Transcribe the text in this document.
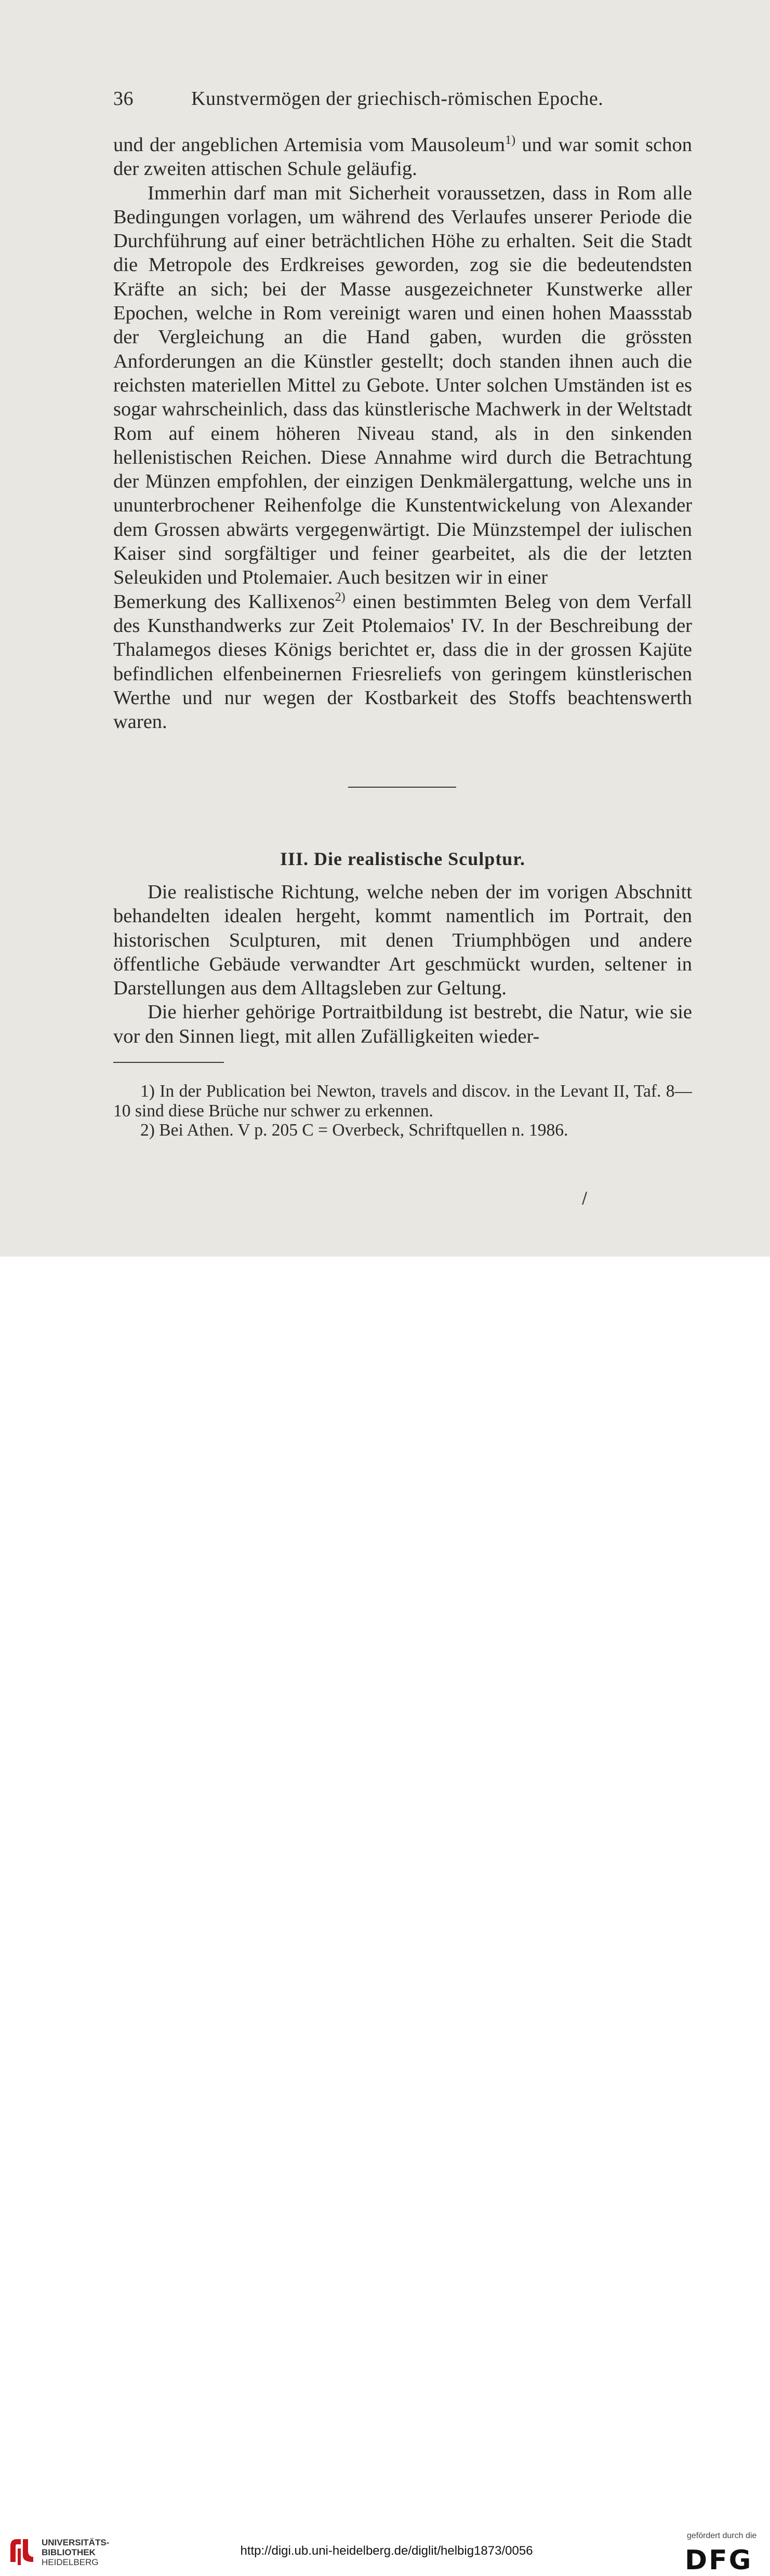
36	Kunstvermögen der griechisch-römischen Epoche.

und der angeblichen Artemisia vom Mausoleum$^{1)}$ und war somit schon der zweiten attischen Schule geläufig.

Immerhin darf man mit Sicherheit voraussetzen, dass in Rom alle Bedingungen vorlagen, um während des Verlaufes unserer Periode die Durchführung auf einer beträchtlichen Höhe zu erhalten. Seit die Stadt die Metropole des Erdkreises geworden, zog sie die bedeutendsten Kräfte an sich; bei der Masse ausgezeichneter Kunstwerke aller Epochen, welche in Rom vereinigt waren und einen hohen Maassstab der Vergleichung an die Hand gaben, wurden die grössten Anforderungen an die Künstler gestellt; doch standen ihnen auch die reichsten materiellen Mittel zu Gebote. Unter solchen Umständen ist es sogar wahrscheinlich, dass das künstlerische Machwerk in der Weltstadt Rom auf einem höheren Niveau stand, als in den sinkenden hellenistischen Reichen. Diese Annahme wird durch die Betrachtung der Münzen empfohlen, der einzigen Denkmälergattung, welche uns in ununterbrochener Reihenfolge die Kunstentwickelung von Alexander dem Grossen abwärts vergegenwärtigt. Die Münzstempel der iulischen Kaiser sind sorgfältiger und feiner gearbeitet, als die der letzten Seleukiden und Ptolemaier. Auch besitzen wir in einer

Bemerkung des Kallixenos$^{2)}$ einen bestimmten Beleg von dem Verfall des Kunsthandwerks zur Zeit Ptolemaios' IV. In der Beschreibung der Thalamegos dieses Königs berichtet er, dass die in der grossen Kajüte befindlichen elfenbeinernen Friesreliefs von geringem künstlerischen Werthe und nur wegen der Kostbarkeit des Stoffs beachtenswerth waren.

III. Die realistische Sculptur.

Die realistische Richtung, welche neben der im vorigen Abschnitt behandelten idealen hergeht, kommt namentlich im Portrait, den historischen Sculpturen, mit denen Triumphbögen und andere öffentliche Gebäude verwandter Art geschmückt wurden, seltener in Darstellungen aus dem Alltagsleben zur Geltung.

Die hierher gehörige Portraitbildung ist bestrebt, die Natur, wie sie vor den Sinnen liegt, mit allen Zufälligkeiten wieder-

1) In der Publication bei Newton, travels and discov. in the Levant II, Taf. 8—10 sind diese Brüche nur schwer zu erkennen.

2) Bei Athen. V p. 205 C = Overbeck, Schriftquellen n. 1986.

/
UNIVERSITÄTS-
BIBLIOTHEK
HEIDELBERG
http://digi.ub.uni-heidelberg.de/diglit/helbig1873/0056
gefördert durch die
DFG
